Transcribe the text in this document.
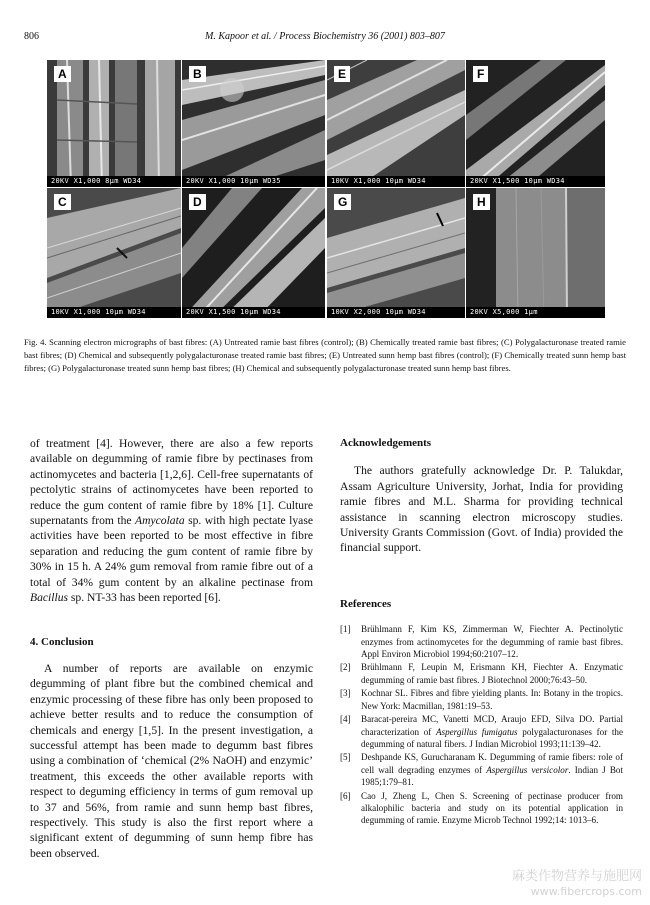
806	M. Kapoor et al. / Process Biochemistry 36 (2001) 803–807
A
20KV X1,000 8μm WD34
B
20KV X1,000 10μm WD35
C
10KV X1,000 10μm WD34
D
20KV X1,500 10μm WD34
E
10KV X1,000 10μm WD34
F
20KV X1,500 10μm WD34
G
10KV X2,000 10μm WD34
H
20KV X5,000 1μm
Fig. 4. Scanning electron micrographs of bast fibres: (A) Untreated ramie bast fibres (control); (B) Chemically treated ramie bast fibres; (C) Polygalacturonase treated ramie bast fibres; (D) Chemical and subsequently polygalacturonase treated ramie bast fibres; (E) Untreated sunn hemp bast fibres (control); (F) Chemically treated sunn hemp bast fibres; (G) Polygalacturonase treated sunn hemp bast fibres; (H) Chemical and subsequently polygalacturonase treated sunn hemp bast fibres.

of treatment [4]. However, there are also a few reports available on degumming of ramie fibre by pectinases from actinomycetes and bacteria [1,2,6]. Cell-free supernatants of pectolytic strains of actinomycetes have been reported to reduce the gum content of ramie fibre by 18% [1]. Culture supernatants from the Amycolata sp. with high pectate lyase activities have been reported to be most effective in fibre separation and reducing the gum content of ramie fibre by 30% in 15 h. A 24% gum removal from ramie fibre out of a total of 34% gum content by an alkaline pectinase from Bacillus sp. NT-33 has been reported [6].

4. Conclusion

A number of reports are available on enzymic degumming of plant fibre but the combined chemical and enzymic processing of these fibre has only been proposed to achieve better results and to reduce the consumption of chemicals and energy [1,5]. In the present investigation, a successful attempt has been made to degumm bast fibres using a combination of ‘chemical (2% NaOH) and enzymic’ treatment, this exceeds the other available reports with respect to deguming efficiency in terms of gum removal up to 37 and 56%, from ramie and sunn hemp bast fibres, respectively. This study is also the first report where a significant extent of degumming of sunn hemp fibre has been observed.

Acknowledgements

The authors gratefully acknowledge Dr. P. Talukdar, Assam Agriculture University, Jorhat, India for providing ramie fibres and M.L. Sharma for providing technical assistance in scanning electron microscopy studies. University Grants Commission (Govt. of India) provided the financial support.

References

[1] Brühlmann F, Kim KS, Zimmerman W, Fiechter A. Pectinolytic enzymes from actinomycetes for the degumming of ramie bast fibres. Appl Environ Microbiol 1994;60:2107–12.
[2] Brühlmann F, Leupin M, Erismann KH, Fiechter A. Enzymatic degumming of ramie bast fibres. J Biotechnol 2000;76:43–50.
[3] Kochnar SL. Fibres and fibre yielding plants. In: Botany in the tropics. New York: Macmillan, 1981:19–53.
[4] Baracat-pereira MC, Vanetti MCD, Araujo EFD, Silva DO. Partial characterization of Aspergillus fumigatus polygalacturonases for the degumming of natural fibers. J Indian Microbiol 1993;11:139–42.
[5] Deshpande KS, Gurucharanam K. Degumming of ramie fibers: role of cell wall degrading enzymes of Aspergillus versicolor. Indian J Bot 1985;1:79–81.
[6] Cao J, Zheng L, Chen S. Screening of pectinase producer from alkalophilic bacteria and study on its potential application in degumming of ramie. Enzyme Microb Technol 1992;14: 1013–6.
麻类作物营养与施肥网
www.fibercrops.com
